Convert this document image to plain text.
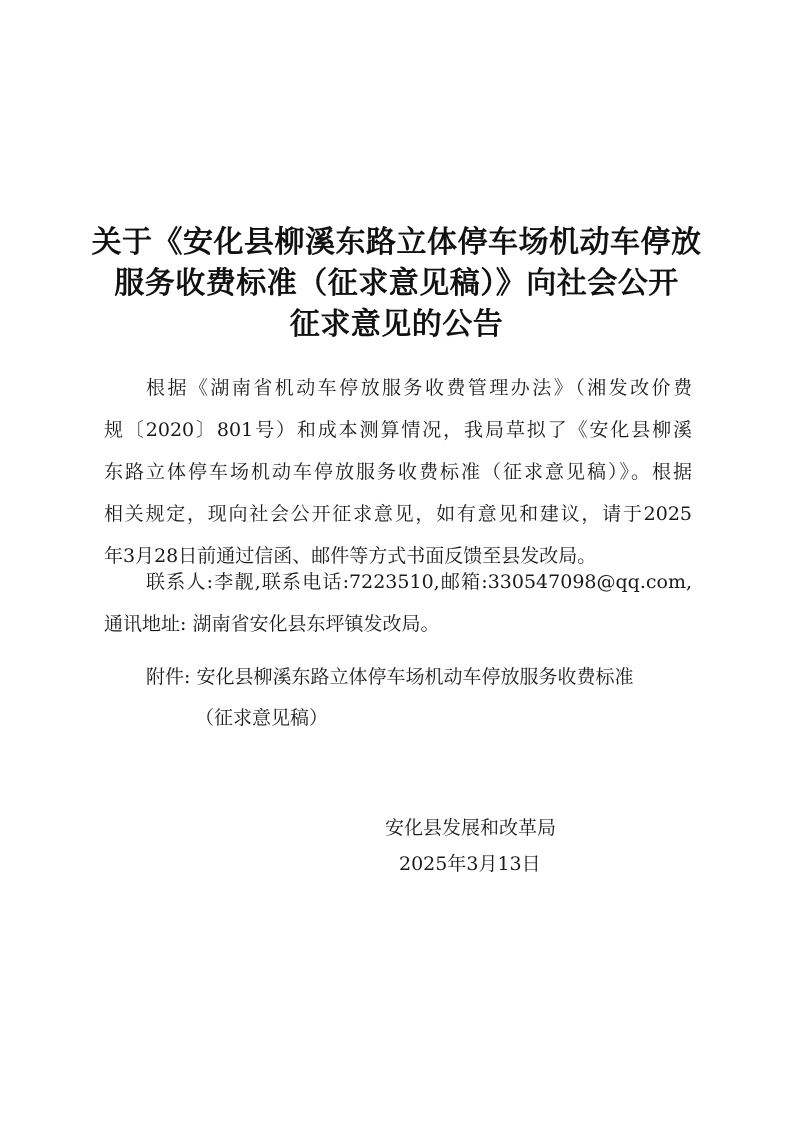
关于《安化县柳溪东路立体停车场机动车停放
服务收费标准（征求意见稿）》向社会公开
征求意见的公告
根据《湖南省机动车停放服务收费管理办法》（湘发改价费
规〔2020〕801号）和成本测算情况，我局草拟了《安化县柳溪
东路立体停车场机动车停放服务收费标准（征求意见稿）》。根据
相关规定，现向社会公开征求意见，如有意见和建议，请于2025
年3月28日前通过信函、邮件等方式书面反馈至县发改局。
联系人:李靓,联系电话:7223510,邮箱:330547098@qq.com,
通讯地址: 湖南省安化县东坪镇发改局。
附件: 安化县柳溪东路立体停车场机动车停放服务收费标准
（征求意见稿）
安化县发展和改革局
2025年3月13日
